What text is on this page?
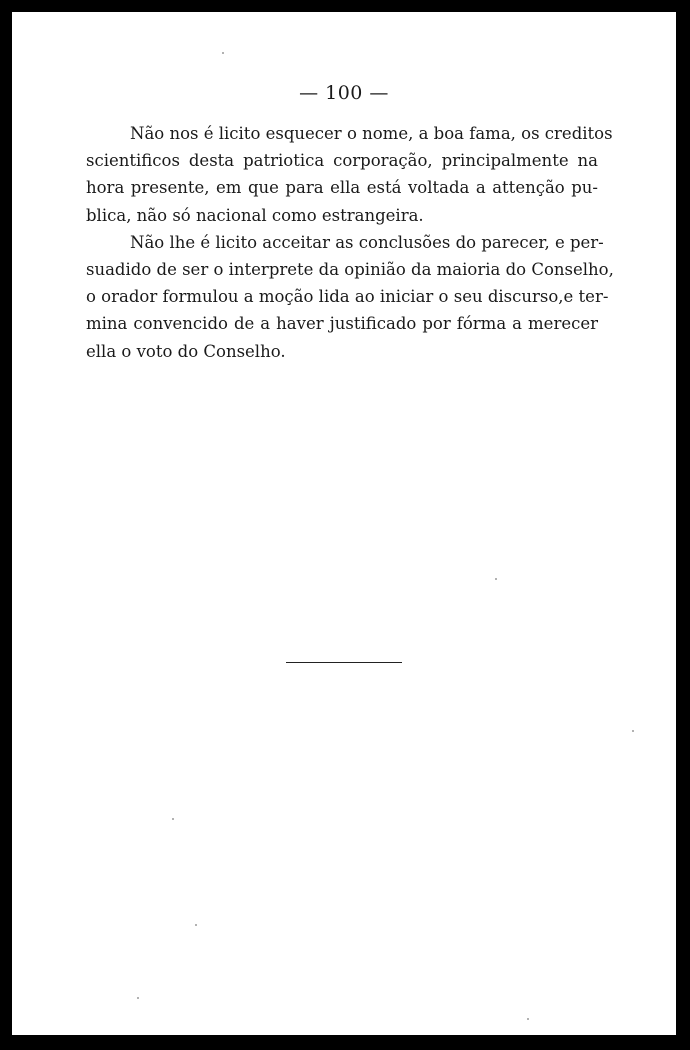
— 100 —

Não nos é licito esquecer o nome, a boa fama, os creditos
scientificos desta patriotica corporação, principalmente na
hora presente, em que para ella está voltada a attenção pu-
blica, não só nacional como estrangeira.

Não lhe é licito acceitar as conclusões do parecer, e per-
suadido de ser o interprete da opinião da maioria do Conselho,
o orador formulou a moção lida ao iniciar o seu discurso,e ter-
mina convencido de a haver justificado por fórma a merecer
ella o voto do Conselho.
